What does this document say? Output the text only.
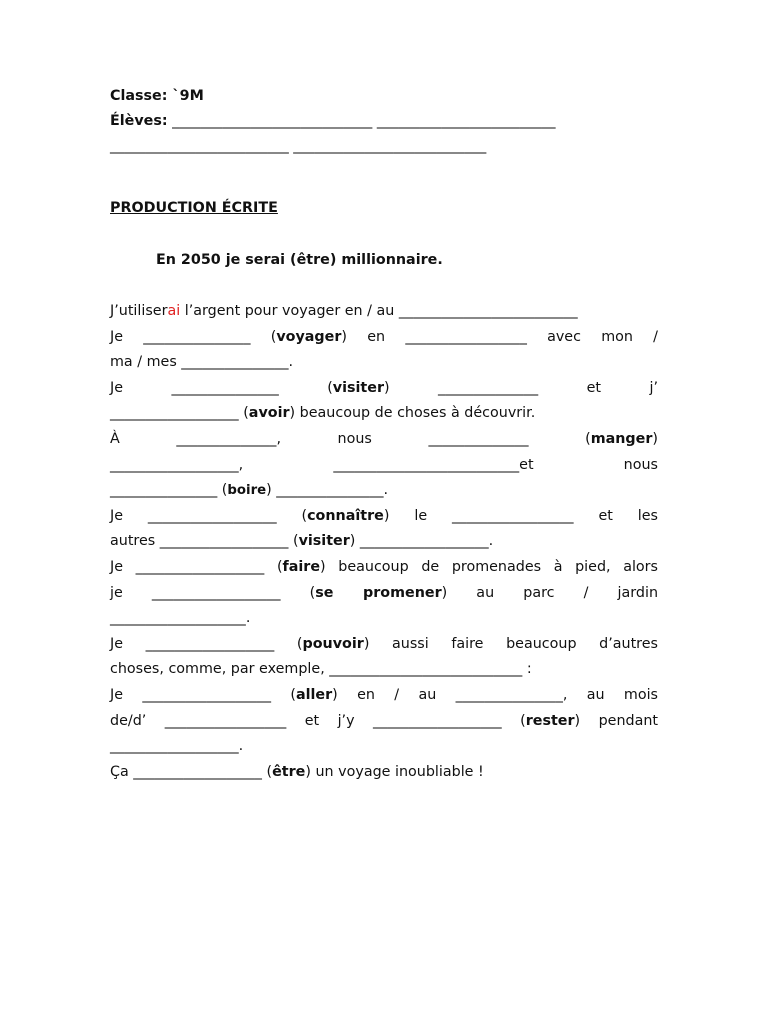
Classe: `9M
Élèves: ____________________________ _________________________
_________________________ ___________________________
PRODUCTION ÉCRITE
En 2050 je serai (être) millionnaire.

J’utiliserai l’argent pour voyager en / au _________________________

Je _______________ (voyager) en _________________ avec mon /

ma / mes _______________.

Je _______________ (visiter) ______________ et j’

__________________ (avoir) beaucoup de choses à découvrir.

À ______________, nous ______________ (manger)

__________________, __________________________et nous

_______________ (boire) _______________.

Je __________________ (connaître) le _________________ et les

autres __________________ (visiter) __________________.

Je __________________ (faire) beaucoup de promenades à pied, alors

je __________________ (se promener) au parc / jardin

___________________.

Je __________________ (pouvoir) aussi faire beaucoup d’autres

choses, comme, par exemple, ___________________________ :

Je __________________ (aller) en / au _______________, au mois

de/d’ _________________ et j’y __________________ (rester) pendant

__________________.

Ça __________________ (être) un voyage inoubliable !
